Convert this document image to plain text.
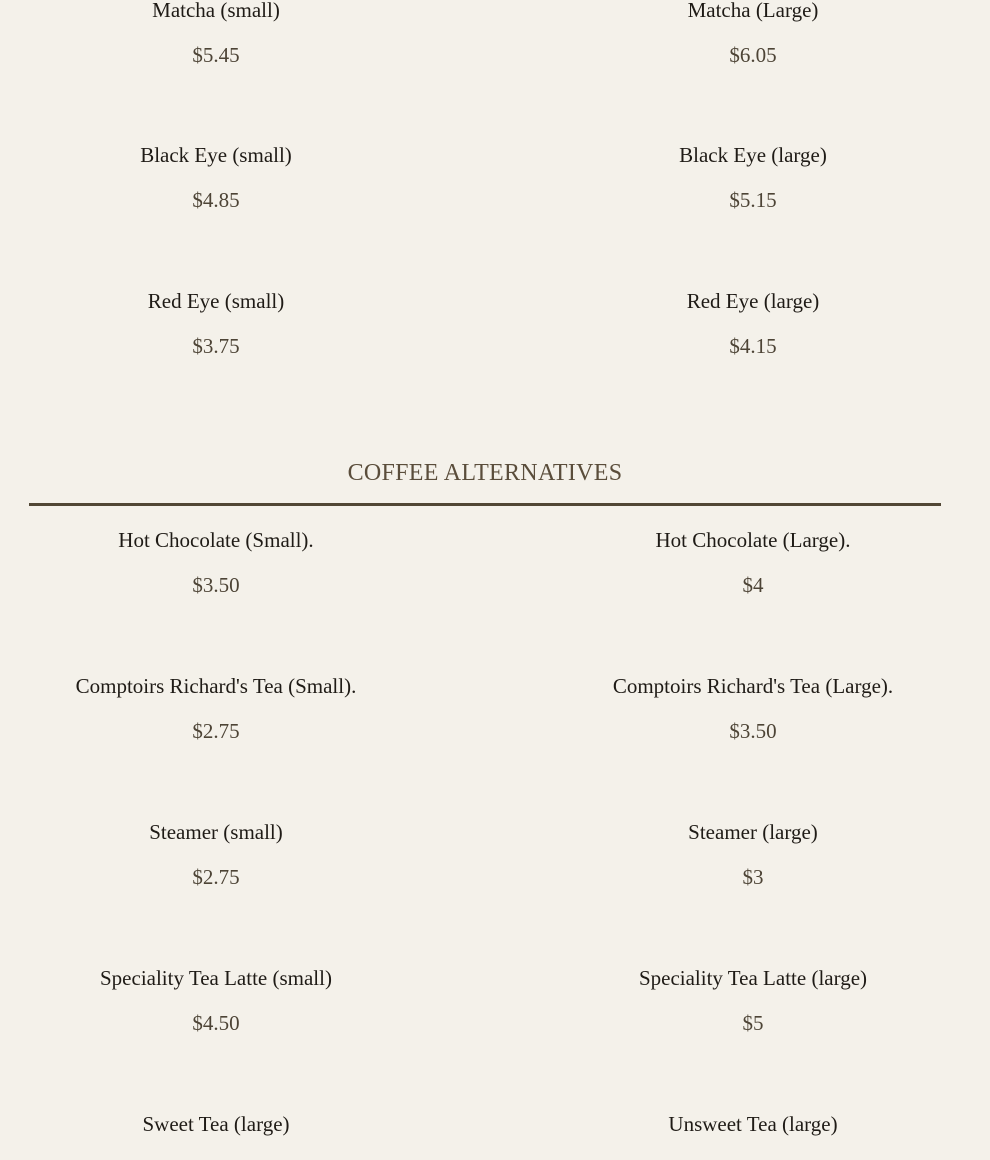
Matcha (small)
$5.45
Matcha (Large)
$6.05
Black Eye (small)
$4.85
Black Eye (large)
$5.15
Red Eye (small)
$3.75
Red Eye (large)
$4.15
COFFEE ALTERNATIVES
Hot Chocolate (Small).
$3.50
Hot Chocolate (Large).
$4
Comptoirs Richard's Tea (Small).
$2.75
Comptoirs Richard's Tea (Large).
$3.50
Steamer (small)
$2.75
Steamer (large)
$3
Speciality Tea Latte (small)
$4.50
Speciality Tea Latte (large)
$5
Sweet Tea (large)	Unsweet Tea (large)
